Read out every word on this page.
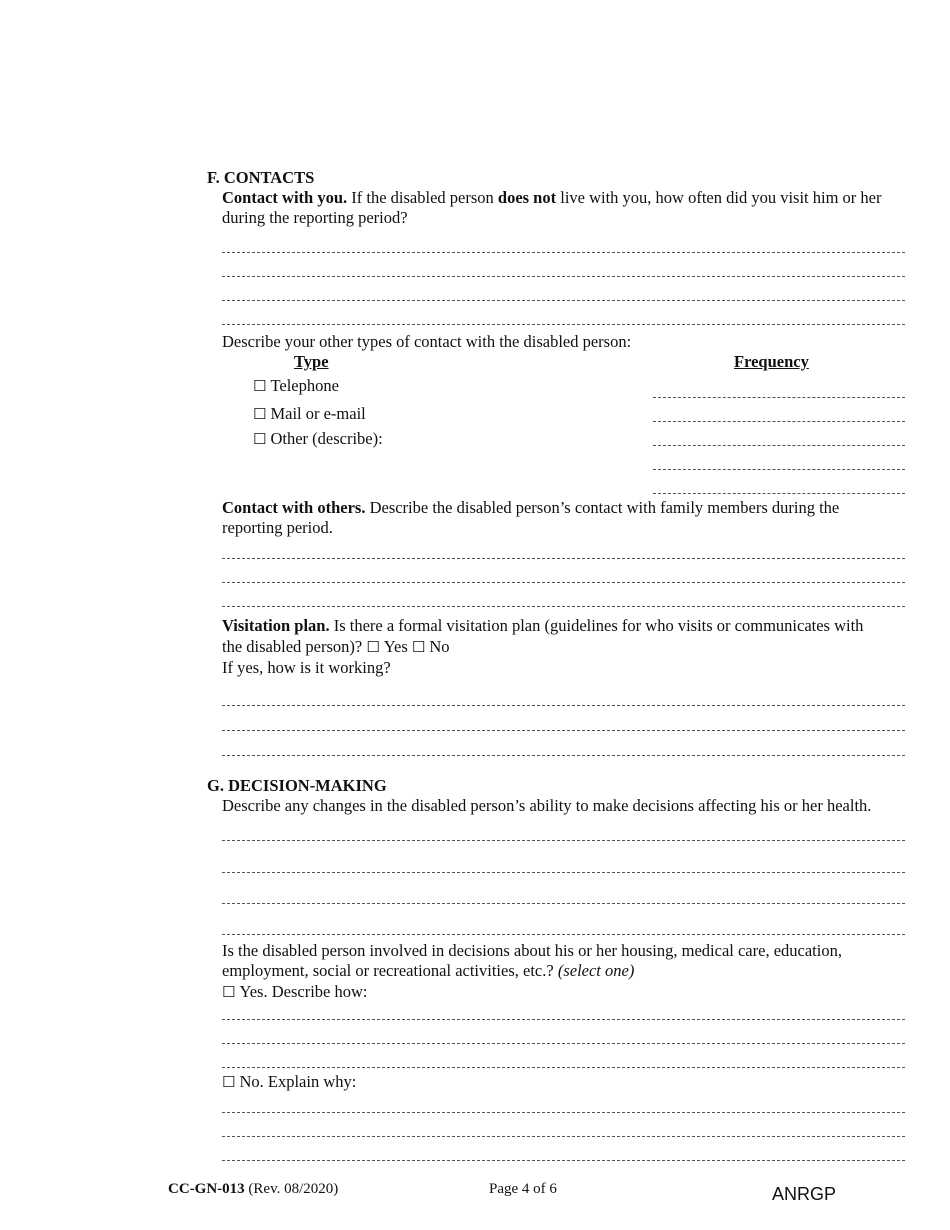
F. CONTACTS
Contact with you. If the disabled person does not live with you, how often did you visit him or her
during the reporting period?
Describe your other types of contact with the disabled person:
Type	Frequency
☐ Telephone
☐ Mail or e-mail
☐ Other (describe):
Contact with others. Describe the disabled person’s contact with family members during the
reporting period.
Visitation plan. Is there a formal visitation plan (guidelines for who visits or communicates with
the disabled person)? ☐ Yes ☐ No
If yes, how is it working?
G. DECISION-MAKING
Describe any changes in the disabled person’s ability to make decisions affecting his or her health.
Is the disabled person involved in decisions about his or her housing, medical care, education,
employment, social or recreational activities, etc.? (select one)
☐ Yes. Describe how:
☐ No. Explain why:
CC-GN-013 (Rev. 08/2020)	Page 4 of 6	ANRGP
